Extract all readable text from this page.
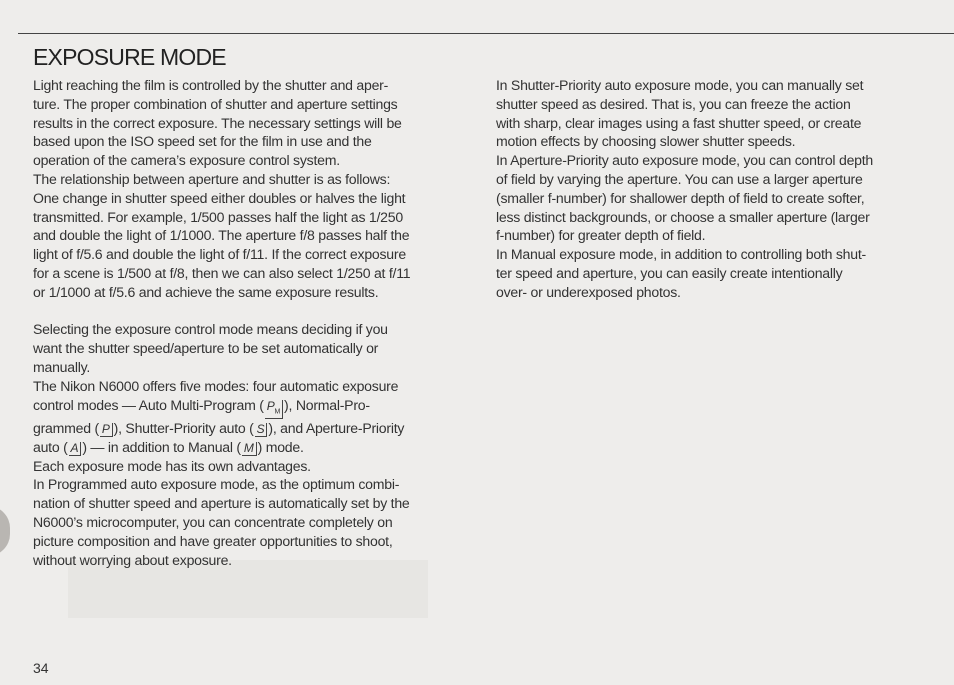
EXPOSURE MODE
Light reaching the film is controlled by the shutter and aper-
ture. The proper combination of shutter and aperture settings
results in the correct exposure. The necessary settings will be
based upon the ISO speed set for the film in use and the
operation of the camera’s exposure control system.
The relationship between aperture and shutter is as follows:
One change in shutter speed either doubles or halves the light
transmitted. For example, 1/500 passes half the light as 1/250
and double the light of 1/1000. The aperture f/8 passes half the
light of f/5.6 and double the light of f/11. If the correct exposure
for a scene is 1/500 at f/8, then we can also select 1/250 at f/11
or 1/1000 at f/5.6 and achieve the same exposure results.
Selecting the exposure control mode means deciding if you
want the shutter speed/aperture to be set automatically or
manually.
The Nikon N6000 offers five modes: four automatic exposure
control modes — Auto Multi-Program ( $P_M$ ), Normal-Pro-
grammed ( P ), Shutter-Priority auto ( S ), and Aperture-Priority
auto ( A ) — in addition to Manual ( M ) mode.
Each exposure mode has its own advantages.
In Programmed auto exposure mode, as the optimum combi-
nation of shutter speed and aperture is automatically set by the
N6000’s microcomputer, you can concentrate completely on
picture composition and have greater opportunities to shoot,
without worrying about exposure.
In Shutter-Priority auto exposure mode, you can manually set
shutter speed as desired. That is, you can freeze the action
with sharp, clear images using a fast shutter speed, or create
motion effects by choosing slower shutter speeds.
In Aperture-Priority auto exposure mode, you can control depth
of field by varying the aperture. You can use a larger aperture
(smaller f-number) for shallower depth of field to create softer,
less distinct backgrounds, or choose a smaller aperture (larger
f-number) for greater depth of field.
In Manual exposure mode, in addition to controlling both shut-
ter speed and aperture, you can easily create intentionally
over- or underexposed photos.
34
